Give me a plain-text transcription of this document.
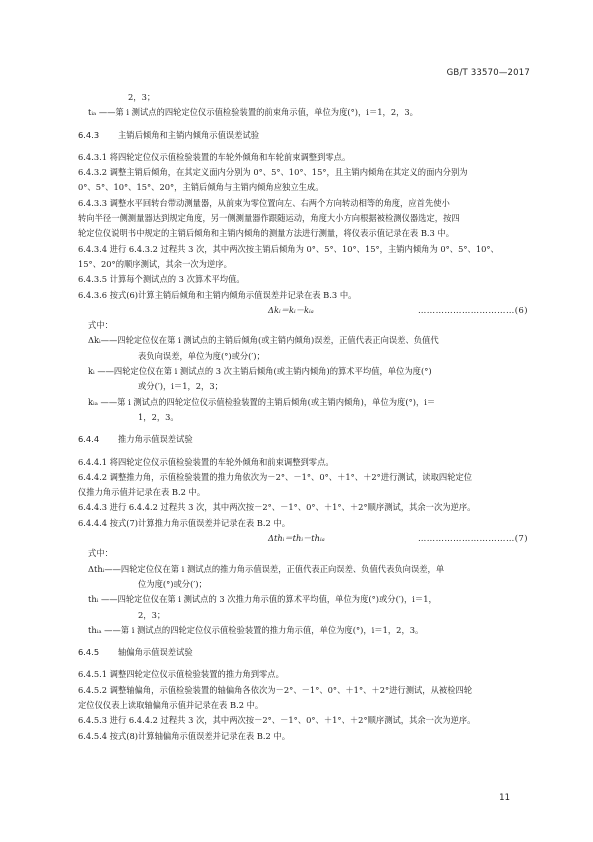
GB/T 33570—2017
2，3；
tᵢₐ ——第 i 测试点的四轮定位仪示值检验装置的前束角示值，单位为度(°)，i＝1，2，3。
6.4.3 主销后倾角和主销内倾角示值误差试验
6.4.3.1 将四轮定位仪示值检验装置的车轮外倾角和车轮前束调整到零点。
6.4.3.2 调整主销后倾角，在其定义面内分别为 0°、5°、10°、15°，且主销内倾角在其定义的面内分别为
0°、5°、10°、15°、20°，主销后倾角与主销内倾角应独立生成。
6.4.3.3 调整水平回转台带动测量器，从前束为零位置向左、右两个方向转动相等的角度，应首先使小
转向半径一侧测量器达到规定角度，另一侧测量器作跟随运动，角度大小方向根据被检测仪器选定，按四
轮定位仪说明书中规定的主销后倾角和主销内倾角的测量方法进行测量，将仪表示值记录在表 B.3 中。
6.4.3.4 进行 6.4.3.2 过程共 3 次，其中两次按主销后倾角为 0°、5°、10°、15°，主销内倾角为 0°、5°、10°、
15°、20°的顺序测试，其余一次为逆序。
6.4.3.5 计算每个测试点的 3 次算术平均值。
6.4.3.6 按式(6)计算主销后倾角和主销内倾角示值误差并记录在表 B.3 中。
Δkᵢ＝kᵢ－kᵢₐ	……………………………(6)
式中：
Δkᵢ——四轮定位仪在第 i 测试点的主销后倾角(或主销内倾角)误差，正值代表正向误差、负值代
表负向误差，单位为度(°)或分(′)；
kᵢ ——四轮定位仪在第 i 测试点的 3 次主销后倾角(或主销内倾角)的算术平均值，单位为度(°)
或分(′)，i＝1，2，3；
kᵢₐ ——第 i 测试点的四轮定位仪示值检验装置的主销后倾角(或主销内倾角)，单位为度(°)，i＝
1，2，3。
6.4.4 推力角示值误差试验
6.4.4.1 将四轮定位仪示值检验装置的车轮外倾角和前束调整到零点。
6.4.4.2 调整推力角，示值检验装置的推力角依次为－2°、－1°、0°、＋1°、＋2°进行测试，读取四轮定位
仪推力角示值并记录在表 B.2 中。
6.4.4.3 进行 6.4.4.2 过程共 3 次，其中两次按－2°、－1°、0°、＋1°、＋2°顺序测试，其余一次为逆序。
6.4.4.4 按式(7)计算推力角示值误差并记录在表 B.2 中。
Δthᵢ＝thᵢ－thᵢₐ	……………………………(7)
式中：
Δthᵢ——四轮定位仪在第 i 测试点的推力角示值误差，正值代表正向误差、负值代表负向误差，单
位为度(°)或分(′)；
thᵢ ——四轮定位仪在第 i 测试点的 3 次推力角示值的算术平均值，单位为度(°)或分(′)，i＝1，
2，3；
thᵢₐ ——第 i 测试点的四轮定位仪示值检验装置的推力角示值，单位为度(°)，i＝1，2，3。
6.4.5 轴偏角示值误差试验
6.4.5.1 调整四轮定位仪示值检验装置的推力角到零点。
6.4.5.2 调整轴偏角，示值检验装置的轴偏角各依次为－2°、－1°、0°、＋1°、＋2°进行测试，从被检四轮
定位仪仪表上读取轴偏角示值并记录在表 B.2 中。
6.4.5.3 进行 6.4.4.2 过程共 3 次，其中两次按－2°、－1°、0°、＋1°、＋2°顺序测试，其余一次为逆序。
6.4.5.4 按式(8)计算轴偏角示值误差并记录在表 B.2 中。
11
